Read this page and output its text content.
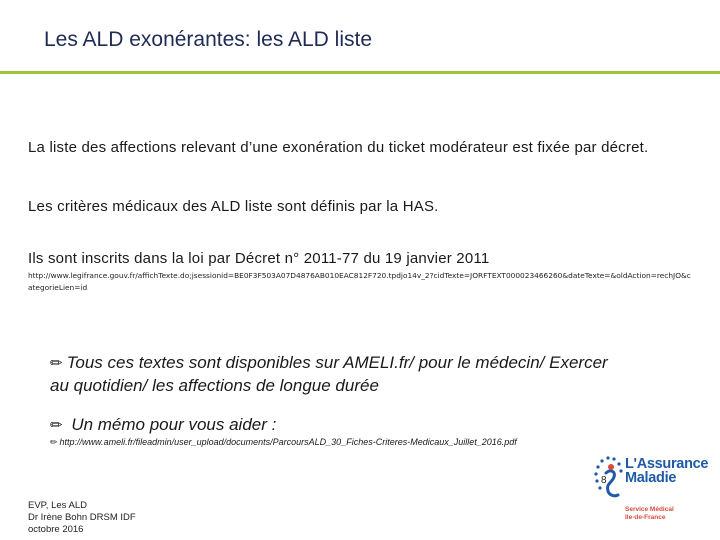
Les ALD exonérantes: les ALD liste
La liste des affections relevant d’une exonération du ticket modérateur est fixée par décret.
Les critères médicaux des ALD liste sont définis par la HAS.
Ils sont inscrits dans la loi par Décret n° 2011-77 du 19 janvier 2011
http://www.legifrance.gouv.fr/affichTexte.do;jsessionid=BE0F3F503A07D4876AB010EAC812F720.tpdjo14v_2?cidTexte=JORFTEXT000023466260&dateTexte=&oldAction=rechJO&categorieLien=id
✏ Tous ces textes sont disponibles sur AMELI.fr/ pour le médecin/ Exercer au quotidien/ les affections de longue durée
✏ Un mémo pour vous aider :
✏ http://www.ameli.fr/fileadmin/user_upload/documents/ParcoursALD_30_Fiches-Criteres-Medicaux_Juillet_2016.pdf
EVP, Les ALD
Dr Irène Bohn DRSM IDF
octobre 2016
8
L'Assurance
Maladie
Service Médical
Ile-de-France
